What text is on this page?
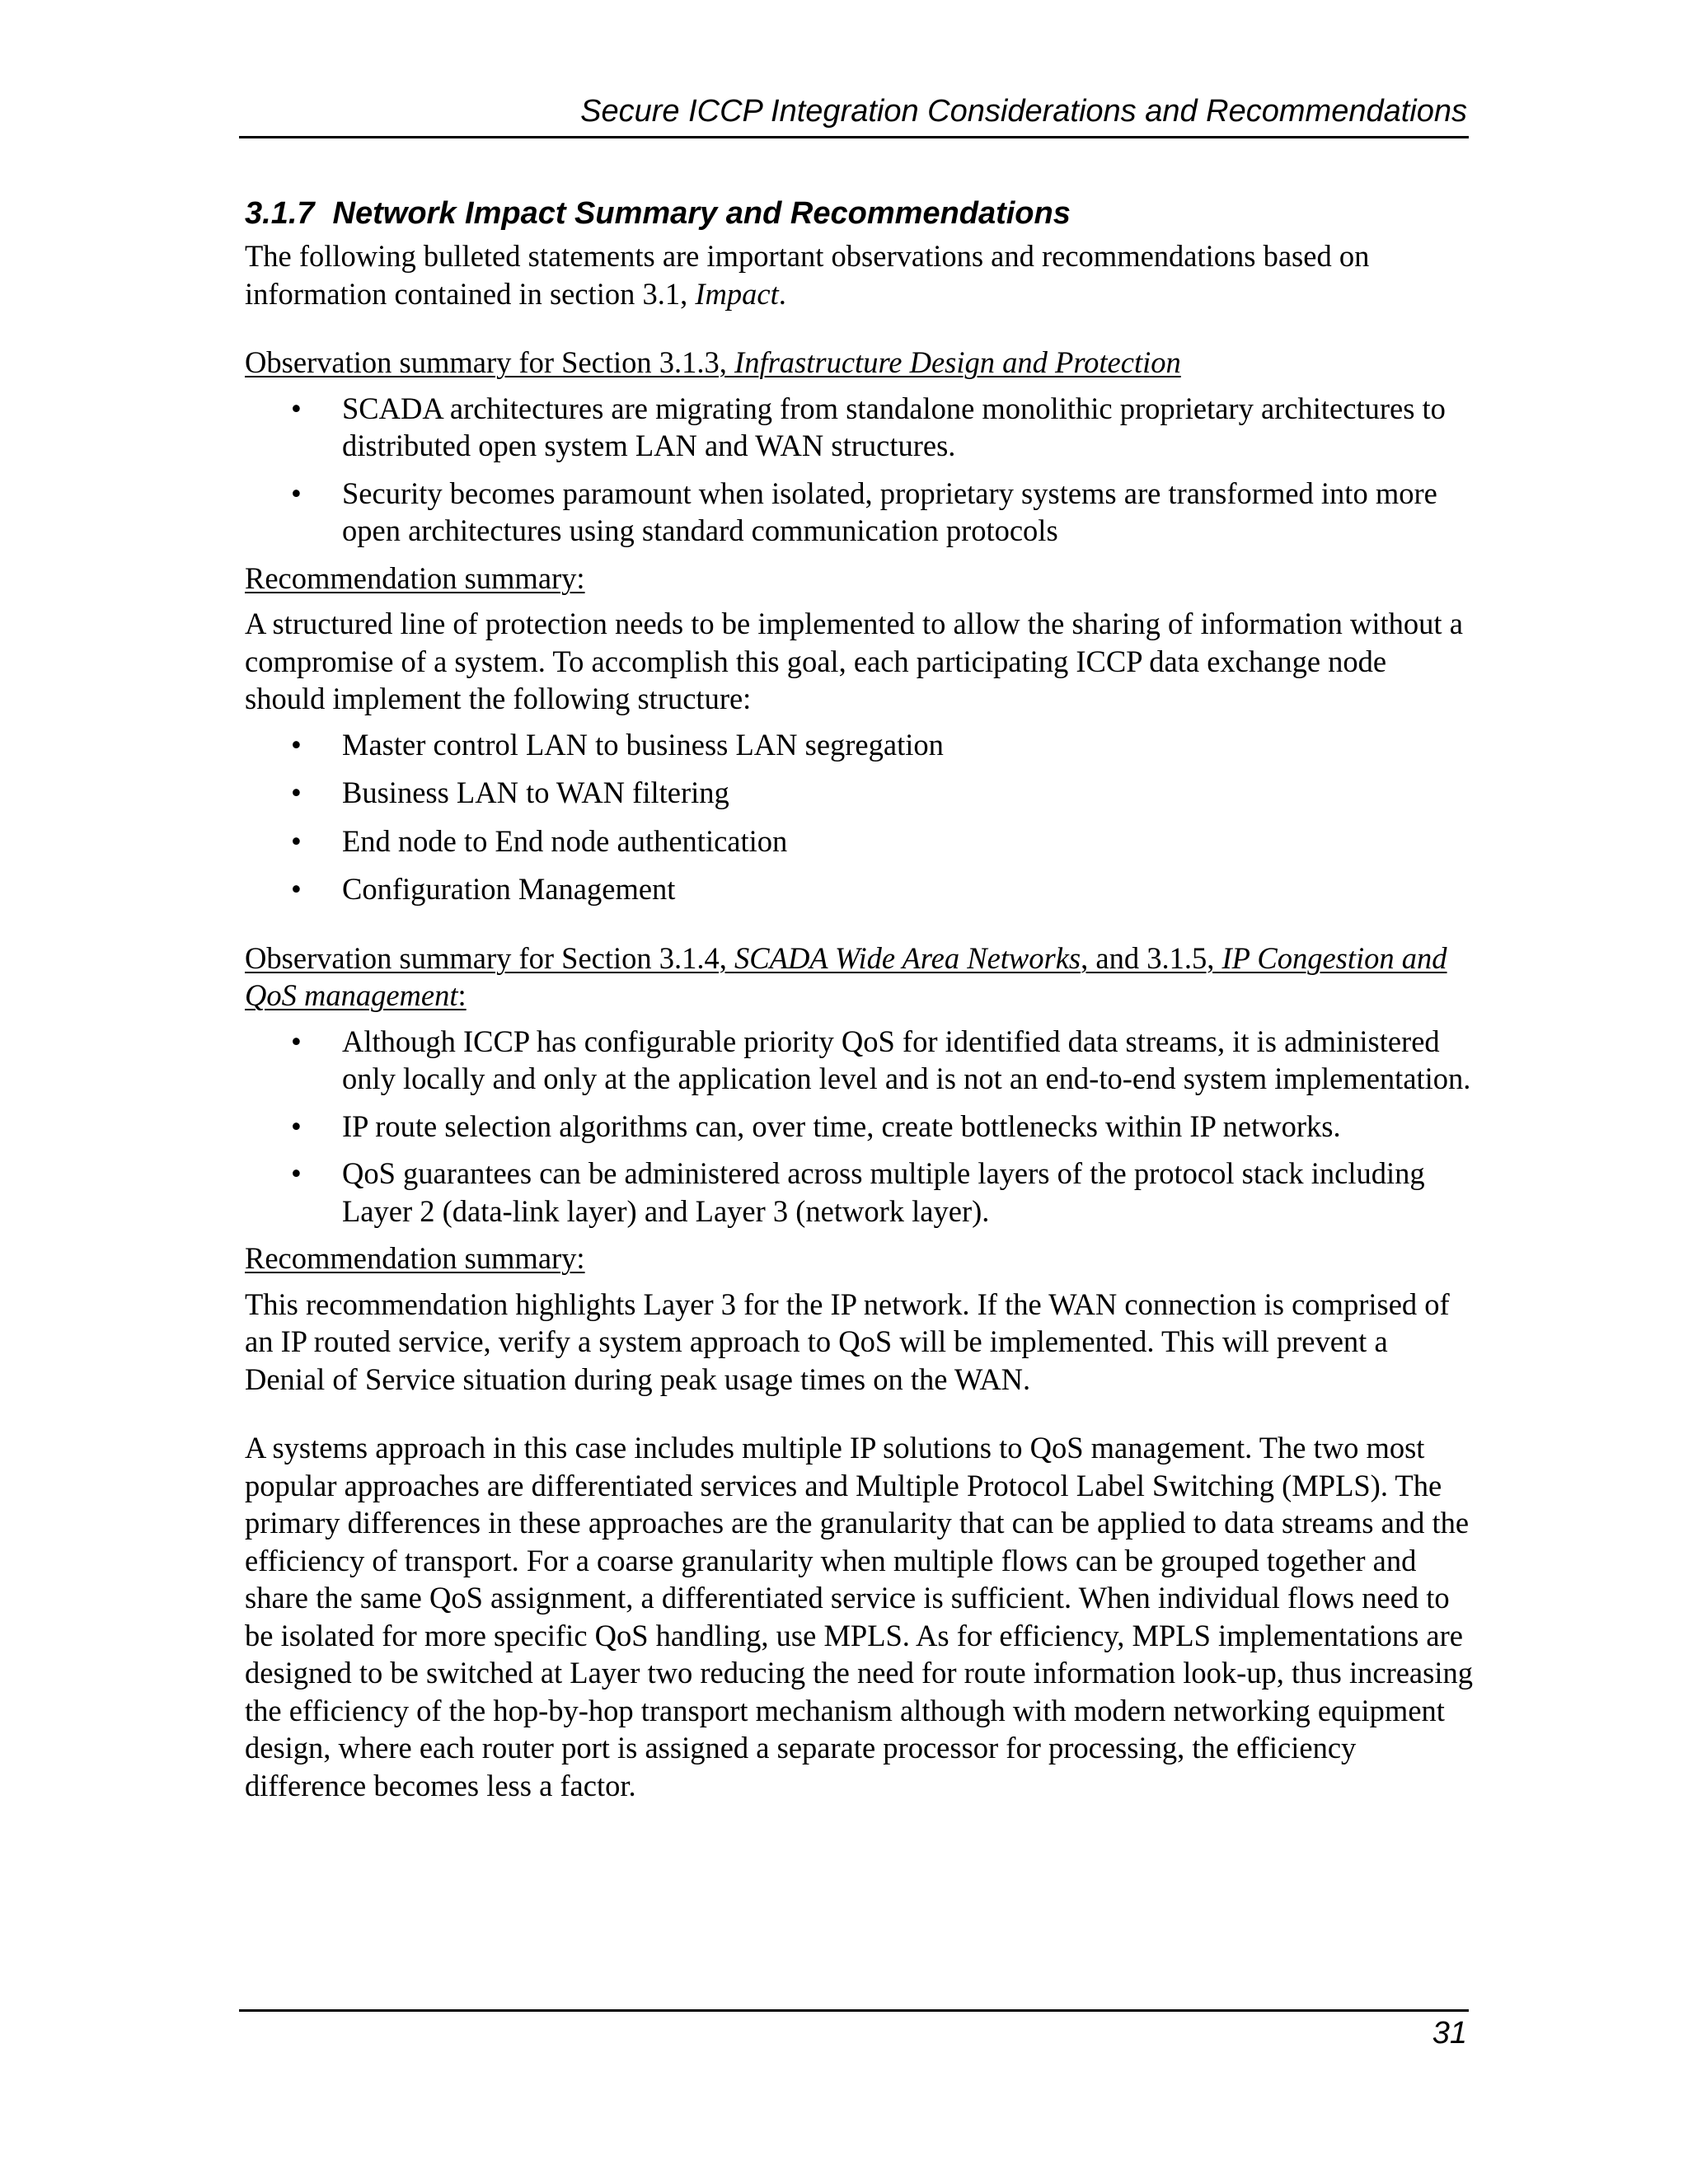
Secure ICCP Integration Considerations and Recommendations
3.1.7 Network Impact Summary and Recommendations

The following bulleted statements are important observations and recommendations based on information contained in section 3.1, Impact.

Observation summary for Section 3.1.3, Infrastructure Design and Protection

• SCADA architectures are migrating from standalone monolithic proprietary architectures to distributed open system LAN and WAN structures.
• Security becomes paramount when isolated, proprietary systems are transformed into more open architectures using standard communication protocols

Recommendation summary:

A structured line of protection needs to be implemented to allow the sharing of information without a compromise of a system. To accomplish this goal, each participating ICCP data exchange node should implement the following structure:

• Master control LAN to business LAN segregation
• Business LAN to WAN filtering
• End node to End node authentication
• Configuration Management

Observation summary for Section 3.1.4, SCADA Wide Area Networks, and 3.1.5, IP Congestion and QoS management:

• Although ICCP has configurable priority QoS for identified data streams, it is administered only locally and only at the application level and is not an end-to-end system implementation.
• IP route selection algorithms can, over time, create bottlenecks within IP networks.
• QoS guarantees can be administered across multiple layers of the protocol stack including Layer 2 (data-link layer) and Layer 3 (network layer).

Recommendation summary:

This recommendation highlights Layer 3 for the IP network. If the WAN connection is comprised of an IP routed service, verify a system approach to QoS will be implemented. This will prevent a Denial of Service situation during peak usage times on the WAN.

A systems approach in this case includes multiple IP solutions to QoS management. The two most popular approaches are differentiated services and Multiple Protocol Label Switching (MPLS). The primary differences in these approaches are the granularity that can be applied to data streams and the efficiency of transport. For a coarse granularity when multiple flows can be grouped together and share the same QoS assignment, a differentiated service is sufficient. When individual flows need to be isolated for more specific QoS handling, use MPLS. As for efficiency, MPLS implementations are designed to be switched at Layer two reducing the need for route information look-up, thus increasing the efficiency of the hop-by-hop transport mechanism although with modern networking equipment design, where each router port is assigned a separate processor for processing, the efficiency difference becomes less a factor.

31
